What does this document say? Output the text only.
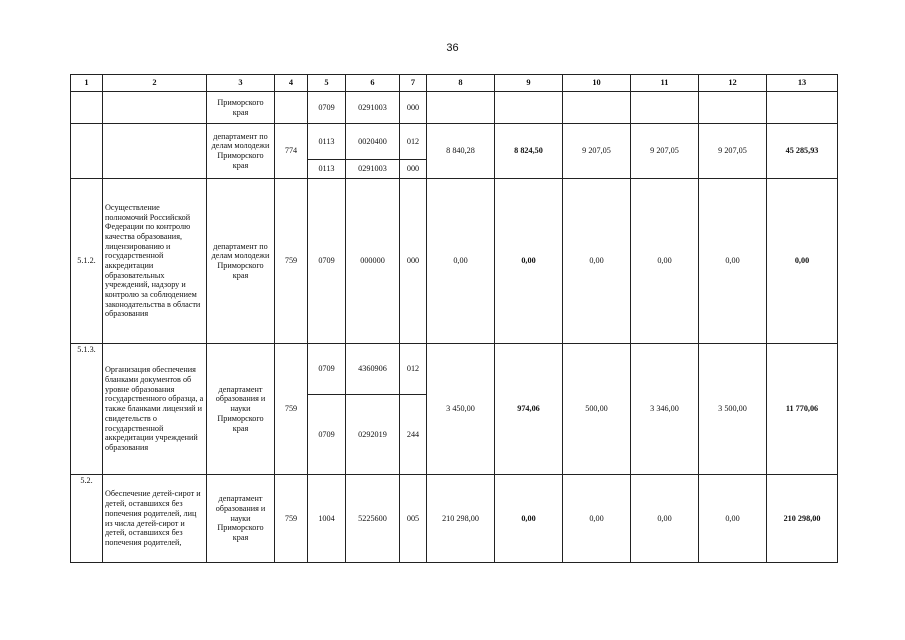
36
1	2	3	4	5	6	7	8	9	10	11	12	13
		Приморского края		0709	0291003	000						
		департамент по делам молодежи Приморского края	774	0113	0020400	012	8 840,28	8 824,50	9 207,05	9 207,05	9 207,05	45 285,93
				0113	0291003	000						
5.1.2.	Осуществление полномочий Российской Федерации по контролю качества образования, лицензированию и государственной аккредитации образовательных учреждений, надзору и контролю за соблюдением законодательства в области образования	департамент по делам молодежи Приморского края	759	0709	000000	000	0,00	0,00	0,00	0,00	0,00	0,00
5.1.3.	Организация обеспечения бланками документов об уровне образования государственного образца, а также бланками лицензий и свидетельств о государственной аккредитации учреждений образования	департамент образования и науки Приморского края	759	0709	4360906	012	3 450,00	974,06	500,00	3 346,00	3 500,00	11 770,06
				0709	0292019	244						
5.2.	Обеспечение детей-сирот и детей, оставшихся без попечения родителей, лиц из числа детей-сирот и детей, оставшихся без попечения родителей,	департамент образования и науки Приморского края	759	1004	5225600	005	210 298,00	0,00	0,00	0,00	0,00	210 298,00
